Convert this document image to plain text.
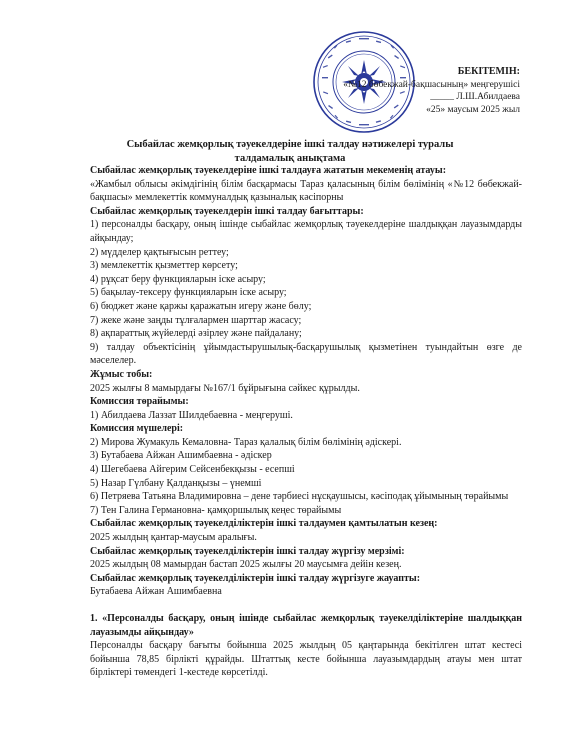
БЕКІТЕМІН:
«№12 бөбекжай-бақшасының» меңгерушісі
_____ Л.Ш.Абилдаева
«25» маусым 2025 жыл
Сыбайлас жемқорлық тәуекелдеріне ішкі талдау нәтижелері туралы
талдамалық анықтама

Сыбайлас жемқорлық тәуекелдеріне ішкі талдауға жататын мекеменің атауы:

«Жамбыл облысы әкімдігінің білім басқармасы Тараз қаласының білім бөлімінің «№12 бөбекжай-бақшасы» мемлекеттік коммуналдық қазыналық кәсіпорны

Сыбайлас жемқорлық тәуекелдерін ішкі талдау бағыттары:

1) персоналды басқару, оның ішінде сыбайлас жемқорлық тәуекелдеріне шалдыққан лауазымдарды айқындау;

2) мүдделер қақтығысын реттеу;

3) мемлекеттік қызметтер көрсету;

4) рұқсат беру функцияларын іске асыру;

5) бақылау-тексеру функцияларын іске асыру;

6) бюджет және қаржы қаражатын игеру және бөлу;

7) жеке және заңды тұлғалармен шарттар жасасу;

8) ақпараттық жүйелерді әзірлеу және пайдалану;

9) талдау объектісінің ұйымдастырушылық-басқарушылық қызметінен туындайтын өзге де мәселелер.

Жұмыс тобы:

2025 жылғы 8 мамырдағы №167/1 бұйрығына сәйкес құрылды.

Комиссия төрайымы:

1) Абилдаева Лаззат Шилдебаевна - меңгеруші.

Комиссия мүшелері:

2) Мирова Жумакуль Кемаловна- Тараз қалалық білім бөлімінің әдіскері.

3) Бутабаева Айжан Ашимбаевна - әдіскер

4) Шегебаева Айгерим Сейсенбекқызы - есепші

5) Назар Гүлбану Қалданқызы – үнемші

6) Петряева Татьяна Владимировна – дене тәрбиесі нұсқаушысы, кәсіподақ ұйымының төрайымы

7) Тен Галина Германовна- қамқоршылық кеңес төрайымы

Сыбайлас жемқорлық тәуекелділіктерін ішкі талдаумен қамтылатын кезең:

2025 жылдың қантар-маусым аралығы.

Сыбайлас жемқорлық тәуекелділіктерін ішкі талдау жүргізу мерзімі:

2025 жылдың 08 мамырдан бастап 2025 жылғы 20 маусымға дейін кезең.

Сыбайлас жемқорлық тәуекелділіктерін ішкі талдау жүргізуге жауапты:

Бутабаева Айжан Ашимбаевна

1. «Персоналды басқару, оның ішінде сыбайлас жемқорлық тәуекелділіктеріне шалдыққан лауазымды айқындау»

Персоналды басқару бағыты бойынша 2025 жылдың 05 қаңтарында бекітілген штат кестесі бойынша 78,85 бірлікті құрайды. Штаттық кесте бойынша лауазымдардың атауы мен штат бірліктері төмендегі 1-кестеде көрсетілді.
